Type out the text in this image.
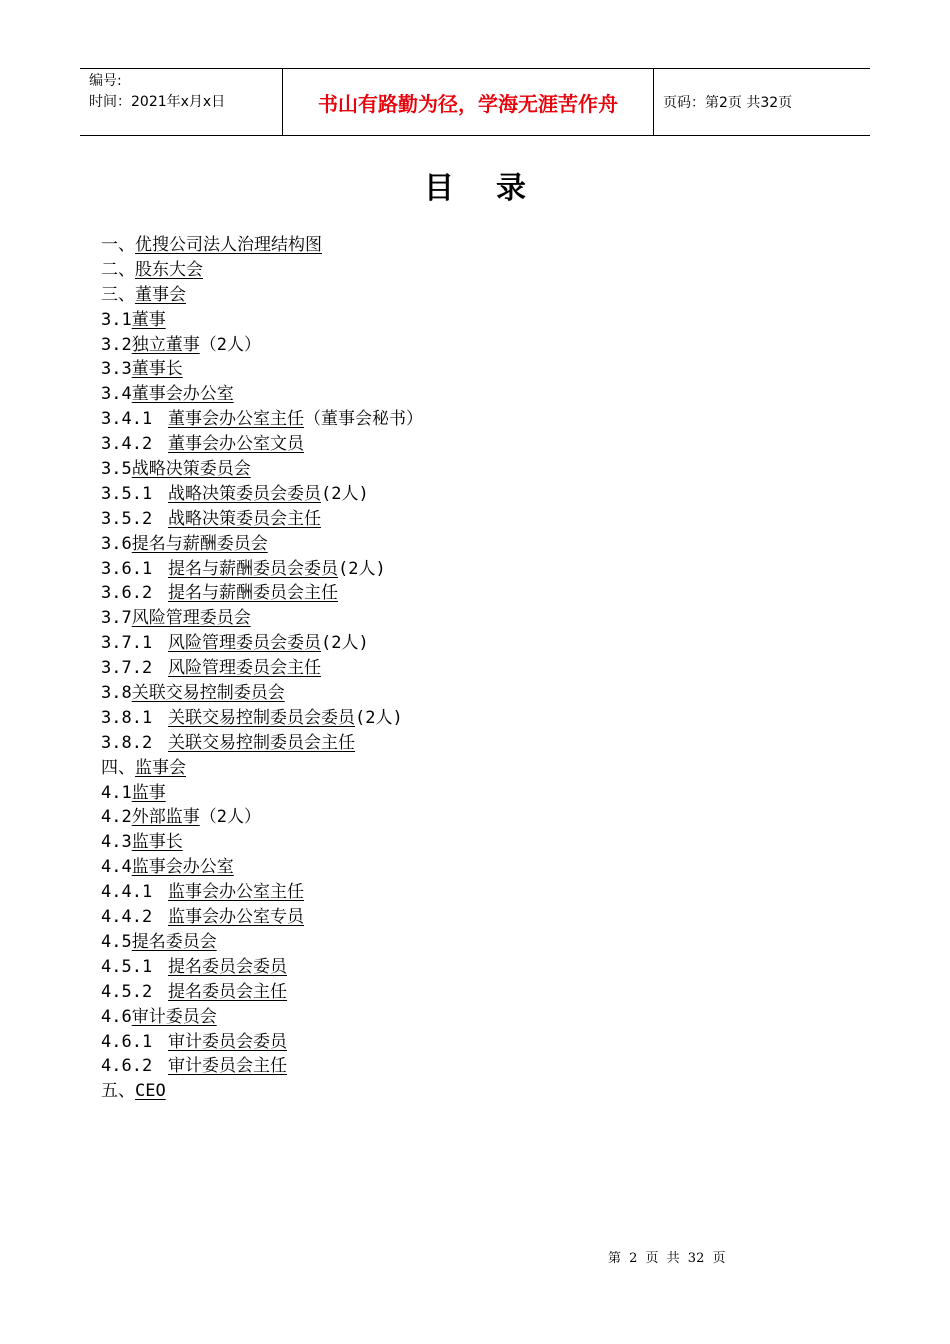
编号:
时间：2021年x月x日	书山有路勤为径，学海无涯苦作舟	页码：第2页 共32页
目录
一、优搜公司法人治理结构图
二、股东大会
三、董事会
3.1董事
3.2独立董事（2人）
3.3董事长
3.4董事会办公室
3.4.1 董事会办公室主任（董事会秘书）
3.4.2 董事会办公室文员
3.5战略决策委员会
3.5.1 战略决策委员会委员(2人)
3.5.2 战略决策委员会主任
3.6提名与薪酬委员会
3.6.1 提名与薪酬委员会委员(2人)
3.6.2 提名与薪酬委员会主任
3.7风险管理委员会
3.7.1 风险管理委员会委员(2人)
3.7.2 风险管理委员会主任
3.8关联交易控制委员会
3.8.1 关联交易控制委员会委员(2人)
3.8.2 关联交易控制委员会主任
四、监事会
4.1监事
4.2外部监事（2人）
4.3监事长
4.4监事会办公室
4.4.1 监事会办公室主任
4.4.2 监事会办公室专员
4.5提名委员会
4.5.1 提名委员会委员
4.5.2 提名委员会主任
4.6审计委员会
4.6.1 审计委员会委员
4.6.2 审计委员会主任
五、CEO
第 2 页 共 32 页
